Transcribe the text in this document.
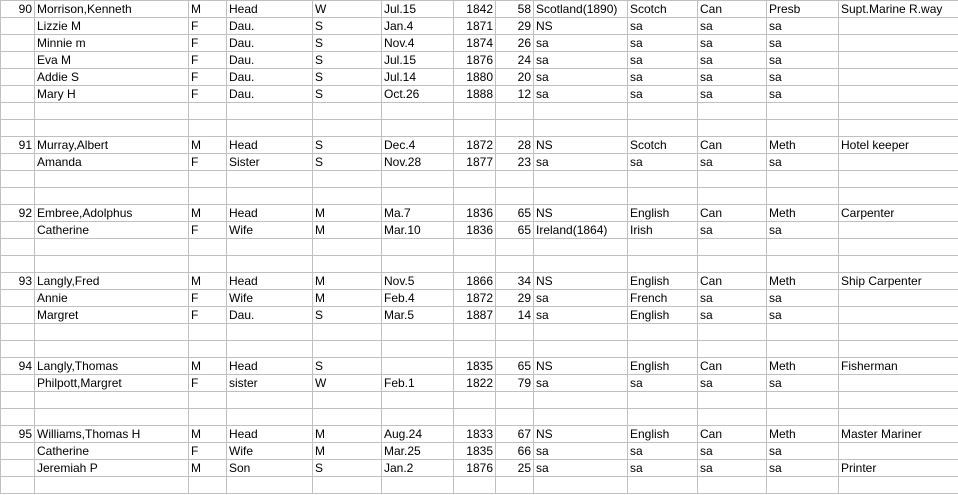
90	Morrison,Kenneth	M	Head	W	Jul.15	1842	58	Scotland(1890)	Scotch	Can	Presb	Supt.Marine R.way
	Lizzie M	F	Dau.	S	Jan.4	1871	29	NS	sa	sa	sa	
	Minnie m	F	Dau.	S	Nov.4	1874	26	sa	sa	sa	sa	
	Eva M	F	Dau.	S	Jul.15	1876	24	sa	sa	sa	sa	
	Addie S	F	Dau.	S	Jul.14	1880	20	sa	sa	sa	sa	
	Mary H	F	Dau.	S	Oct.26	1888	12	sa	sa	sa	sa	

91	Murray,Albert	M	Head	S	Dec.4	1872	28	NS	Scotch	Can	Meth	Hotel keeper
	Amanda	F	Sister	S	Nov.28	1877	23	sa	sa	sa	sa	

92	Embree,Adolphus	M	Head	M	Ma.7	1836	65	NS	English	Can	Meth	Carpenter
	Catherine	F	Wife	M	Mar.10	1836	65	Ireland(1864)	Irish	sa	sa	

93	Langly,Fred	M	Head	M	Nov.5	1866	34	NS	English	Can	Meth	Ship Carpenter
	Annie	F	Wife	M	Feb.4	1872	29	sa	French	sa	sa	
	Margret	F	Dau.	S	Mar.5	1887	14	sa	English	sa	sa	

94	Langly,Thomas	M	Head	S		1835	65	NS	English	Can	Meth	Fisherman
	Philpott,Margret	F	sister	W	Feb.1	1822	79	sa	sa	sa	sa	

95	Williams,Thomas H	M	Head	M	Aug.24	1833	67	NS	English	Can	Meth	Master Mariner
	Catherine	F	Wife	M	Mar.25	1835	66	sa	sa	sa	sa	
	Jeremiah P	M	Son	S	Jan.2	1876	25	sa	sa	sa	sa	Printer
